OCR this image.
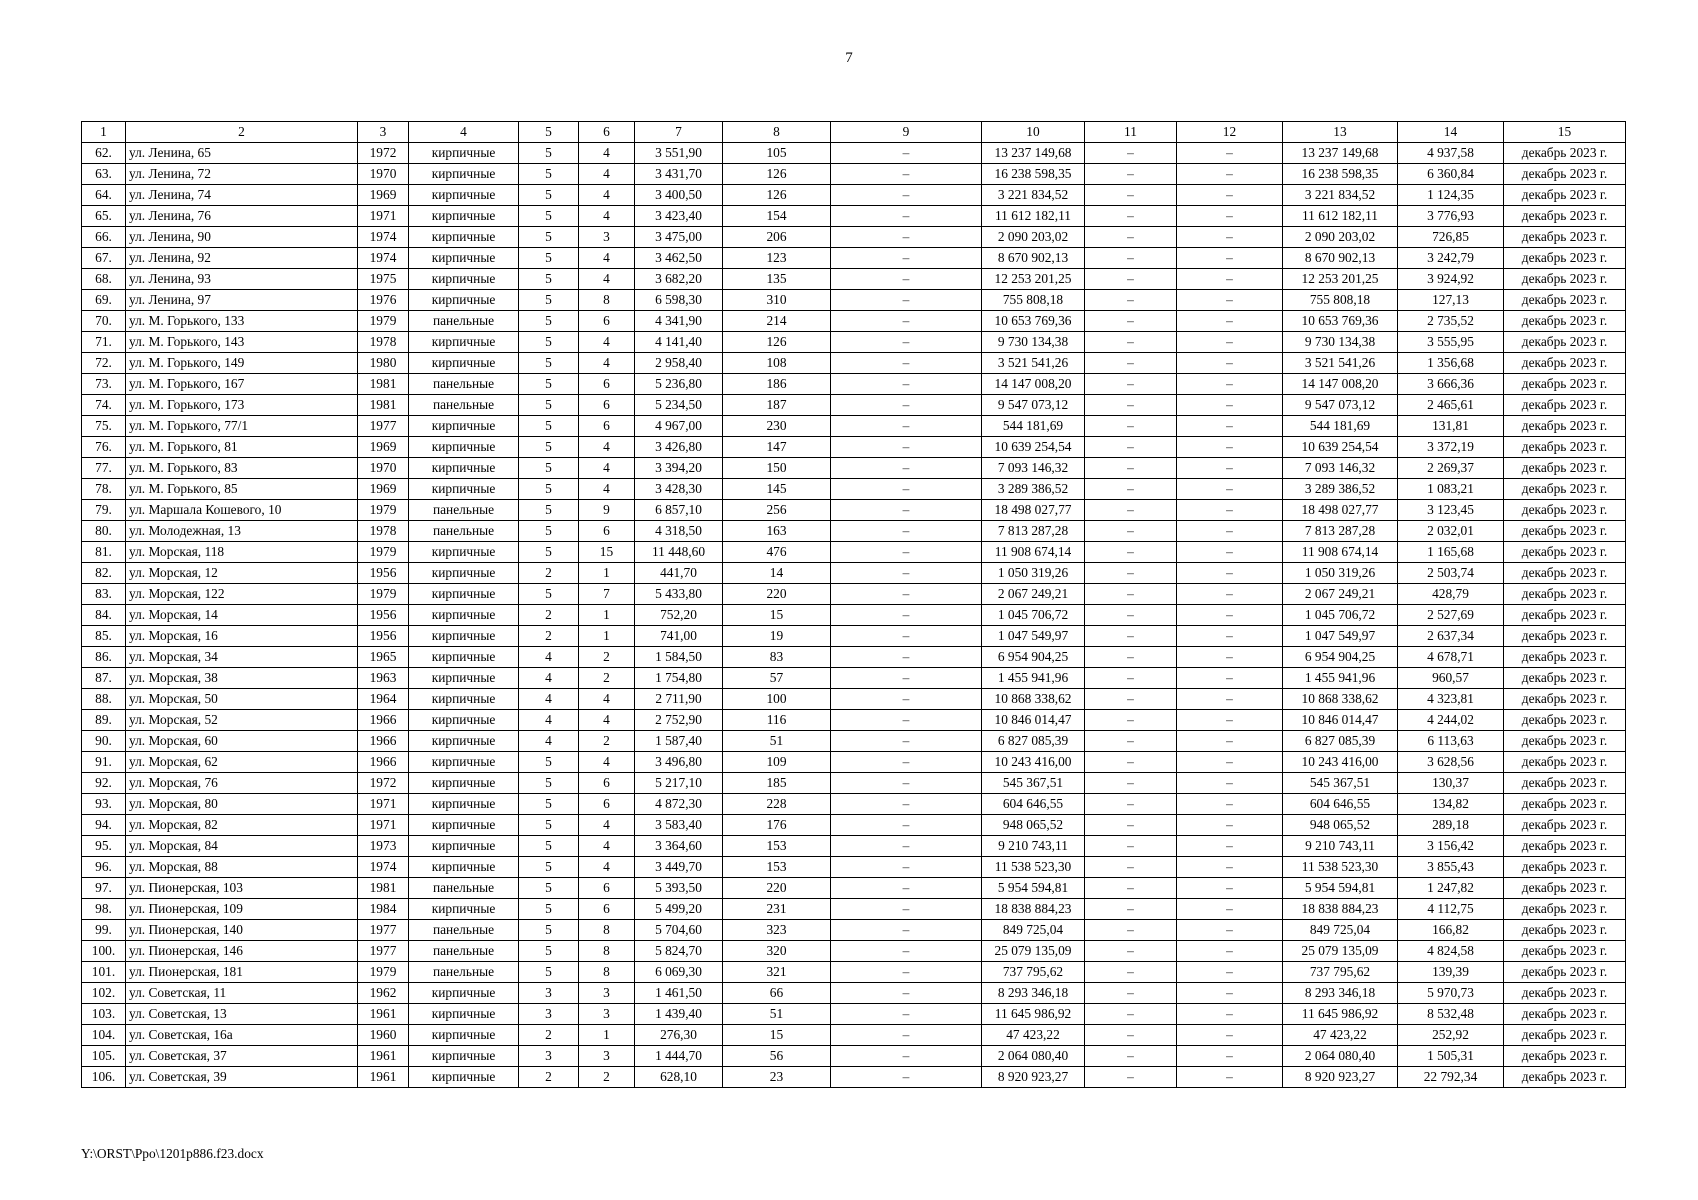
7
1	2	3	4	5	6	7	8	9	10	11	12	13	14	15
62.	ул. Ленина, 65	1972	кирпичные	5	4	3 551,90	105	–	13 237 149,68	–	–	13 237 149,68	4 937,58	декабрь 2023 г.
63.	ул. Ленина, 72	1970	кирпичные	5	4	3 431,70	126	–	16 238 598,35	–	–	16 238 598,35	6 360,84	декабрь 2023 г.
64.	ул. Ленина, 74	1969	кирпичные	5	4	3 400,50	126	–	3 221 834,52	–	–	3 221 834,52	1 124,35	декабрь 2023 г.
65.	ул. Ленина, 76	1971	кирпичные	5	4	3 423,40	154	–	11 612 182,11	–	–	11 612 182,11	3 776,93	декабрь 2023 г.
66.	ул. Ленина, 90	1974	кирпичные	5	3	3 475,00	206	–	2 090 203,02	–	–	2 090 203,02	726,85	декабрь 2023 г.
67.	ул. Ленина, 92	1974	кирпичные	5	4	3 462,50	123	–	8 670 902,13	–	–	8 670 902,13	3 242,79	декабрь 2023 г.
68.	ул. Ленина, 93	1975	кирпичные	5	4	3 682,20	135	–	12 253 201,25	–	–	12 253 201,25	3 924,92	декабрь 2023 г.
69.	ул. Ленина, 97	1976	кирпичные	5	8	6 598,30	310	–	755 808,18	–	–	755 808,18	127,13	декабрь 2023 г.
70.	ул. М. Горького, 133	1979	панельные	5	6	4 341,90	214	–	10 653 769,36	–	–	10 653 769,36	2 735,52	декабрь 2023 г.
71.	ул. М. Горького, 143	1978	кирпичные	5	4	4 141,40	126	–	9 730 134,38	–	–	9 730 134,38	3 555,95	декабрь 2023 г.
72.	ул. М. Горького, 149	1980	кирпичные	5	4	2 958,40	108	–	3 521 541,26	–	–	3 521 541,26	1 356,68	декабрь 2023 г.
73.	ул. М. Горького, 167	1981	панельные	5	6	5 236,80	186	–	14 147 008,20	–	–	14 147 008,20	3 666,36	декабрь 2023 г.
74.	ул. М. Горького, 173	1981	панельные	5	6	5 234,50	187	–	9 547 073,12	–	–	9 547 073,12	2 465,61	декабрь 2023 г.
75.	ул. М. Горького, 77/1	1977	кирпичные	5	6	4 967,00	230	–	544 181,69	–	–	544 181,69	131,81	декабрь 2023 г.
76.	ул. М. Горького, 81	1969	кирпичные	5	4	3 426,80	147	–	10 639 254,54	–	–	10 639 254,54	3 372,19	декабрь 2023 г.
77.	ул. М. Горького, 83	1970	кирпичные	5	4	3 394,20	150	–	7 093 146,32	–	–	7 093 146,32	2 269,37	декабрь 2023 г.
78.	ул. М. Горького, 85	1969	кирпичные	5	4	3 428,30	145	–	3 289 386,52	–	–	3 289 386,52	1 083,21	декабрь 2023 г.
79.	ул. Маршала Кошевого, 10	1979	панельные	5	9	6 857,10	256	–	18 498 027,77	–	–	18 498 027,77	3 123,45	декабрь 2023 г.
80.	ул. Молодежная, 13	1978	панельные	5	6	4 318,50	163	–	7 813 287,28	–	–	7 813 287,28	2 032,01	декабрь 2023 г.
81.	ул. Морская, 118	1979	кирпичные	5	15	11 448,60	476	–	11 908 674,14	–	–	11 908 674,14	1 165,68	декабрь 2023 г.
82.	ул. Морская, 12	1956	кирпичные	2	1	441,70	14	–	1 050 319,26	–	–	1 050 319,26	2 503,74	декабрь 2023 г.
83.	ул. Морская, 122	1979	кирпичные	5	7	5 433,80	220	–	2 067 249,21	–	–	2 067 249,21	428,79	декабрь 2023 г.
84.	ул. Морская, 14	1956	кирпичные	2	1	752,20	15	–	1 045 706,72	–	–	1 045 706,72	2 527,69	декабрь 2023 г.
85.	ул. Морская, 16	1956	кирпичные	2	1	741,00	19	–	1 047 549,97	–	–	1 047 549,97	2 637,34	декабрь 2023 г.
86.	ул. Морская, 34	1965	кирпичные	4	2	1 584,50	83	–	6 954 904,25	–	–	6 954 904,25	4 678,71	декабрь 2023 г.
87.	ул. Морская, 38	1963	кирпичные	4	2	1 754,80	57	–	1 455 941,96	–	–	1 455 941,96	960,57	декабрь 2023 г.
88.	ул. Морская, 50	1964	кирпичные	4	4	2 711,90	100	–	10 868 338,62	–	–	10 868 338,62	4 323,81	декабрь 2023 г.
89.	ул. Морская, 52	1966	кирпичные	4	4	2 752,90	116	–	10 846 014,47	–	–	10 846 014,47	4 244,02	декабрь 2023 г.
90.	ул. Морская, 60	1966	кирпичные	4	2	1 587,40	51	–	6 827 085,39	–	–	6 827 085,39	6 113,63	декабрь 2023 г.
91.	ул. Морская, 62	1966	кирпичные	5	4	3 496,80	109	–	10 243 416,00	–	–	10 243 416,00	3 628,56	декабрь 2023 г.
92.	ул. Морская, 76	1972	кирпичные	5	6	5 217,10	185	–	545 367,51	–	–	545 367,51	130,37	декабрь 2023 г.
93.	ул. Морская, 80	1971	кирпичные	5	6	4 872,30	228	–	604 646,55	–	–	604 646,55	134,82	декабрь 2023 г.
94.	ул. Морская, 82	1971	кирпичные	5	4	3 583,40	176	–	948 065,52	–	–	948 065,52	289,18	декабрь 2023 г.
95.	ул. Морская, 84	1973	кирпичные	5	4	3 364,60	153	–	9 210 743,11	–	–	9 210 743,11	3 156,42	декабрь 2023 г.
96.	ул. Морская, 88	1974	кирпичные	5	4	3 449,70	153	–	11 538 523,30	–	–	11 538 523,30	3 855,43	декабрь 2023 г.
97.	ул. Пионерская, 103	1981	панельные	5	6	5 393,50	220	–	5 954 594,81	–	–	5 954 594,81	1 247,82	декабрь 2023 г.
98.	ул. Пионерская, 109	1984	кирпичные	5	6	5 499,20	231	–	18 838 884,23	–	–	18 838 884,23	4 112,75	декабрь 2023 г.
99.	ул. Пионерская, 140	1977	панельные	5	8	5 704,60	323	–	849 725,04	–	–	849 725,04	166,82	декабрь 2023 г.
100.	ул. Пионерская, 146	1977	панельные	5	8	5 824,70	320	–	25 079 135,09	–	–	25 079 135,09	4 824,58	декабрь 2023 г.
101.	ул. Пионерская, 181	1979	панельные	5	8	6 069,30	321	–	737 795,62	–	–	737 795,62	139,39	декабрь 2023 г.
102.	ул. Советская, 11	1962	кирпичные	3	3	1 461,50	66	–	8 293 346,18	–	–	8 293 346,18	5 970,73	декабрь 2023 г.
103.	ул. Советская, 13	1961	кирпичные	3	3	1 439,40	51	–	11 645 986,92	–	–	11 645 986,92	8 532,48	декабрь 2023 г.
104.	ул. Советская, 16а	1960	кирпичные	2	1	276,30	15	–	47 423,22	–	–	47 423,22	252,92	декабрь 2023 г.
105.	ул. Советская, 37	1961	кирпичные	3	3	1 444,70	56	–	2 064 080,40	–	–	2 064 080,40	1 505,31	декабрь 2023 г.
106.	ул. Советская, 39	1961	кирпичные	2	2	628,10	23	–	8 920 923,27	–	–	8 920 923,27	22 792,34	декабрь 2023 г.
Y:\ORST\Ppo\1201p886.f23.docx
